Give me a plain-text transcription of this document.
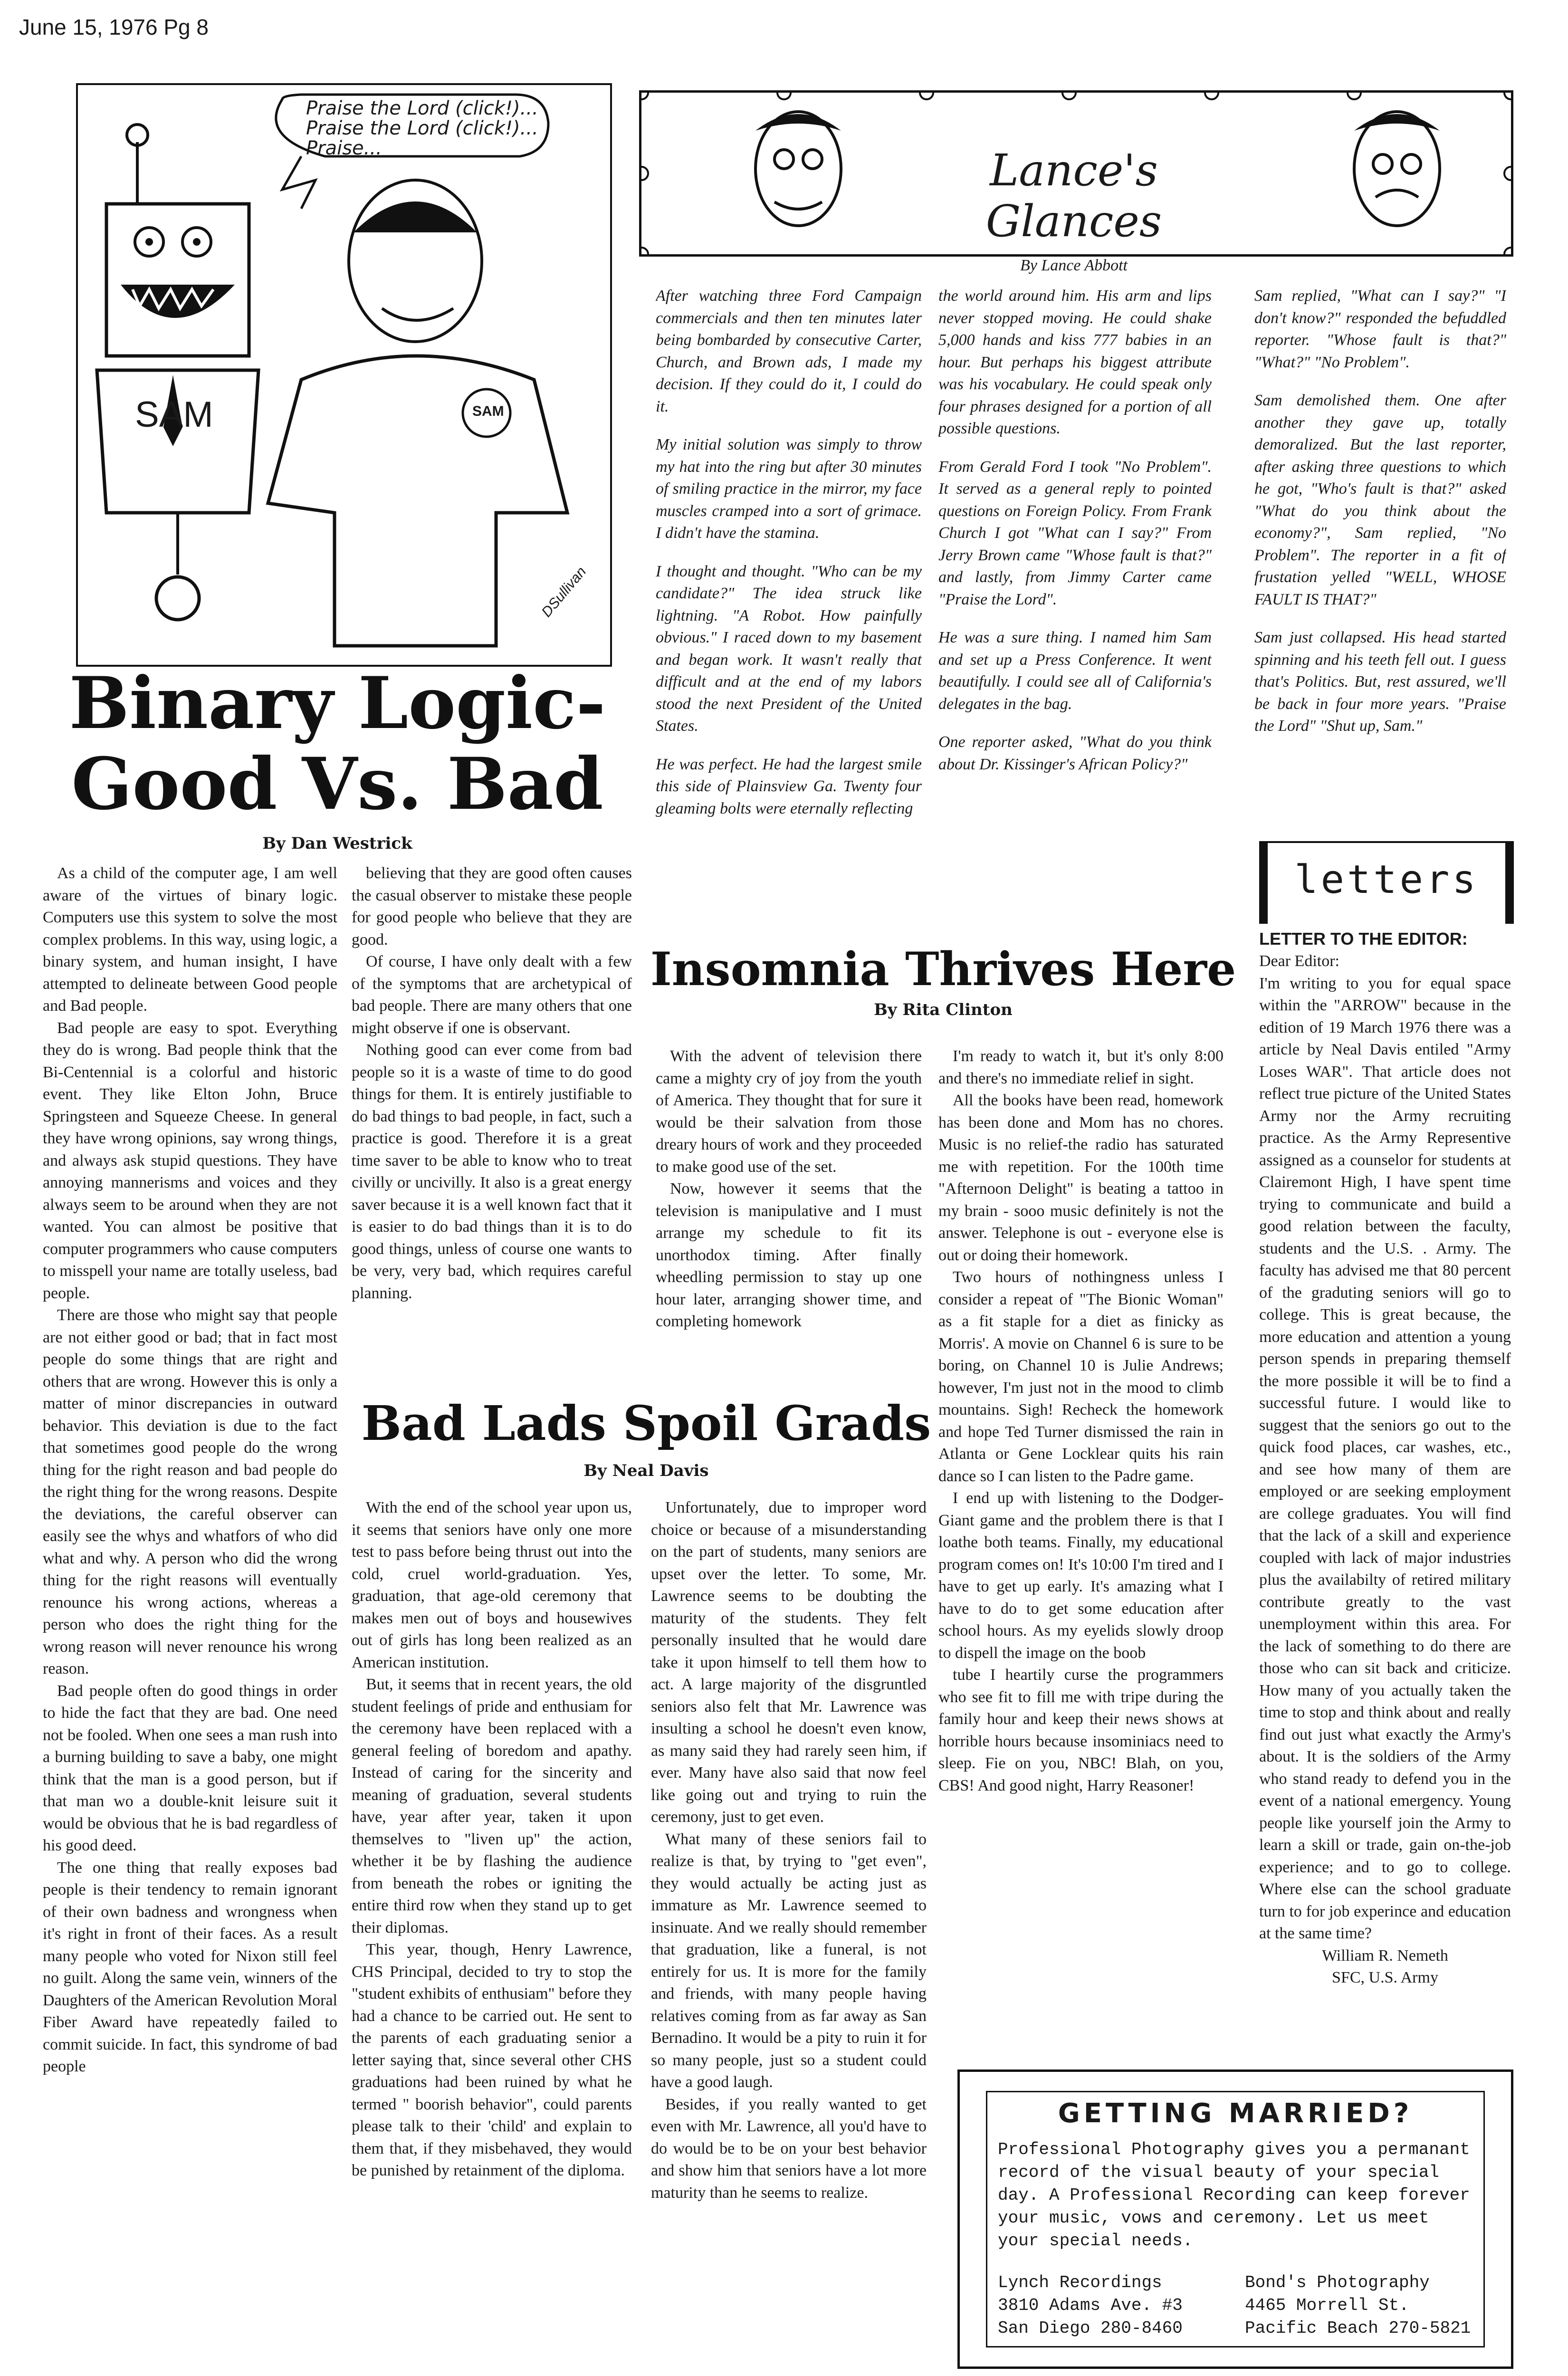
June 15, 1976 Pg 8
Praise the Lord (click!)...
Praise the Lord (click!)...
Praise...
SAM	SAM
DSullivan
Binary Logic-
Good Vs. Bad
By Dan Westrick

As a child of the computer age, I am well aware of the virtues of binary logic. Computers use this system to solve the most complex problems. In this way, using logic, a binary system, and human insight, I have attempted to delineate between Good people and Bad people.

Bad people are easy to spot. Everything they do is wrong. Bad people think that the Bi-Centennial is a colorful and historic event. They like Elton John, Bruce Springsteen and Squeeze Cheese. In general they have wrong opinions, say wrong things, and always ask stupid questions. They have annoying mannerisms and voices and they always seem to be around when they are not wanted. You can almost be positive that computer programmers who cause computers to misspell your name are totally useless, bad people.

There are those who might say that people are not either good or bad; that in fact most people do some things that are right and others that are wrong. However this is only a matter of minor discrepancies in outward behavior. This deviation is due to the fact that sometimes good people do the wrong thing for the right reason and bad people do the right thing for the wrong reasons. Despite the deviations, the careful observer can easily see the whys and whatfors of who did what and why. A person who did the wrong thing for the right reasons will eventually renounce his wrong actions, whereas a person who does the right thing for the wrong reason will never renounce his wrong reason.

Bad people often do good things in order to hide the fact that they are bad. One need not be fooled. When one sees a man rush into a burning building to save a baby, one might think that the man is a good person, but if that man wo a double-knit leisure suit it would be obvious that he is bad regardless of his good deed.

The one thing that really exposes bad people is their tendency to remain ignorant of their own badness and wrongness when it's right in front of their faces. As a result many people who voted for Nixon still feel no guilt. Along the same vein, winners of the Daughters of the American Revolution Moral Fiber Award have repeatedly failed to commit suicide. In fact, this syndrome of bad people

believing that they are good often causes the casual observer to mistake these people for good people who believe that they are good.

Of course, I have only dealt with a few of the symptoms that are archetypical of bad people. There are many others that one might observe if one is observant.

Nothing good can ever come from bad people so it is a waste of time to do good things for them. It is entirely justifiable to do bad things to bad people, in fact, such a practice is good. Therefore it is a great time saver to be able to know who to treat civilly or uncivilly. It also is a great energy saver because it is a well known fact that it is easier to do bad things than it is to do good things, unless of course one wants to be very, very bad, which requires careful planning.

Lance's Glances
By Lance Abbott

After watching three Ford Campaign commercials and then ten minutes later being bombarded by consecutive Carter, Church, and Brown ads, I made my decision. If they could do it, I could do it.

My initial solution was simply to throw my hat into the ring but after 30 minutes of smiling practice in the mirror, my face muscles cramped into a sort of grimace. I didn't have the stamina.

I thought and thought. "Who can be my candidate?" The idea struck like lightning. "A Robot. How painfully obvious." I raced down to my basement and began work. It wasn't really that difficult and at the end of my labors stood the next President of the United States.

He was perfect. He had the largest smile this side of Plainsview Ga. Twenty four gleaming bolts were eternally reflecting

the world around him. His arm and lips never stopped moving. He could shake 5,000 hands and kiss 777 babies in an hour. But perhaps his biggest attribute was his vocabulary. He could speak only four phrases designed for a portion of all possible questions.

From Gerald Ford I took "No Problem". It served as a general reply to pointed questions on Foreign Policy. From Frank Church I got "What can I say?" From Jerry Brown came "Whose fault is that?" and lastly, from Jimmy Carter came "Praise the Lord".

He was a sure thing. I named him Sam and set up a Press Conference. It went beautifully. I could see all of California's delegates in the bag.

One reporter asked, "What do you think about Dr. Kissinger's African Policy?"

Sam replied, "What can I say?" "I don't know?" responded the befuddled reporter. "Whose fault is that?" "What?" "No Problem".

Sam demolished them. One after another they gave up, totally demoralized. But the last reporter, after asking three questions to which he got, "Who's fault is that?" asked "What do you think about the economy?", Sam replied, "No Problem". The reporter in a fit of frustation yelled "WELL, WHOSE FAULT IS THAT?"

Sam just collapsed. His head started spinning and his teeth fell out. I guess that's Politics. But, rest assured, we'll be back in four more years. "Praise the Lord" "Shut up, Sam."

Insomnia Thrives Here
By Rita Clinton

With the advent of television there came a mighty cry of joy from the youth of America. They thought that for sure it would be their salvation from those dreary hours of work and they proceeded to make good use of the set.

Now, however it seems that the television is manipulative and I must arrange my schedule to fit its unorthodox timing. After finally wheedling permission to stay up one hour later, arranging shower time, and completing homework

I'm ready to watch it, but it's only 8:00 and there's no immediate relief in sight.

All the books have been read, homework has been done and Mom has no chores. Music is no relief-the radio has saturated me with repetition. For the 100th time "Afternoon Delight" is beating a tattoo in my brain - sooo music definitely is not the answer. Telephone is out - everyone else is out or doing their homework.

Two hours of nothingness unless I consider a repeat of "The Bionic Woman" as a fit staple for a diet as finicky as Morris'. A movie on Channel 6 is sure to be boring, on Channel 10 is Julie Andrews; however, I'm just not in the mood to climb mountains. Sigh! Recheck the homework and hope Ted Turner dismissed the rain in Atlanta or Gene Locklear quits his rain dance so I can listen to the Padre game.

I end up with listening to the Dodger-Giant game and the problem there is that I loathe both teams. Finally, my educational program comes on! It's 10:00 I'm tired and I have to get up early. It's amazing what I have to do to get some education after school hours. As my eyelids slowly droop to dispell the image on the boob

tube I heartily curse the programmers who see fit to fill me with tripe during the family hour and keep their news shows at horrible hours because insominiacs need to sleep. Fie on you, NBC! Blah, on you, CBS! And good night, Harry Reasoner!

Bad Lads Spoil Grads
By Neal Davis

With the end of the school year upon us, it seems that seniors have only one more test to pass before being thrust out into the cold, cruel world-graduation. Yes, graduation, that age-old ceremony that makes men out of boys and housewives out of girls has long been realized as an American institution.

But, it seems that in recent years, the old student feelings of pride and enthusiam for the ceremony have been replaced with a general feeling of boredom and apathy. Instead of caring for the sincerity and meaning of graduation, several students have, year after year, taken it upon themselves to "liven up" the action, whether it be by flashing the audience from beneath the robes or igniting the entire third row when they stand up to get their diplomas.

This year, though, Henry Lawrence, CHS Principal, decided to try to stop the "student exhibits of enthusiam" before they had a chance to be carried out. He sent to the parents of each graduating senior a letter saying that, since several other CHS graduations had been ruined by what he termed " boorish behavior", could parents please talk to their 'child' and explain to them that, if they misbehaved, they would be punished by retainment of the diploma.

Unfortunately, due to improper word choice or because of a misunderstanding on the part of students, many seniors are upset over the letter. To some, Mr. Lawrence seems to be doubting the maturity of the students. They felt personally insulted that he would dare take it upon himself to tell them how to act. A large majority of the disgruntled seniors also felt that Mr. Lawrence was insulting a school he doesn't even know, as many said they had rarely seen him, if ever. Many have also said that now feel like going out and trying to ruin the ceremony, just to get even.

What many of these seniors fail to realize is that, by trying to "get even", they would actually be acting just as immature as Mr. Lawrence seemed to insinuate. And we really should remember that graduation, like a funeral, is not entirely for us. It is more for the family and friends, with many people having relatives coming from as far away as San Bernadino. It would be a pity to ruin it for so many people, just so a student could have a good laugh.

Besides, if you really wanted to get even with Mr. Lawrence, all you'd have to do would be to be on your best behavior and show him that seniors have a lot more maturity than he seems to realize.

letters
LETTER TO THE EDITOR:
Dear Editor:
I'm writing to you for equal space within the "ARROW" because in the edition of 19 March 1976 there was a article by Neal Davis entiled "Army Loses WAR". That article does not reflect true picture of the United States Army nor the Army recruiting practice. As the Army Representive assigned as a counselor for students at Clairemont High, I have spent time trying to communicate and build a good relation between the faculty, students and the U.S. . Army. The faculty has advised me that 80 percent of the graduting seniors will go to college. This is great because, the more education and attention a young person spends in preparing themself the more possible it will be to find a successful future. I would like to suggest that the seniors go out to the quick food places, car washes, etc., and see how many of them are employed or are seeking employment are college graduates. You will find that the lack of a skill and experience coupled with lack of major industries plus the availabilty of retired military contribute greatly to the vast unemployment within this area. For the lack of something to do there are those who can sit back and criticize. How many of you actually taken the time to stop and think about and really find out just what exactly the Army's about. It is the soldiers of the Army who stand ready to defend you in the event of a national emergency. Young people like yourself join the Army to learn a skill or trade, gain on-the-job experience; and to go to college. Where else can the school graduate turn to for job experince and education at the same time?
William R. Nemeth
SFC, U.S. Army
GETTING MARRIED?
Professional Photography gives you a permanant record of the visual beauty of your special day. A Professional Recording can keep forever your music, vows and ceremony. Let us meet your special needs.
Lynch Recordings
3810 Adams Ave. #3
San Diego 280-8460
Bond's Photography
4465 Morrell St.
Pacific Beach 270-5821
